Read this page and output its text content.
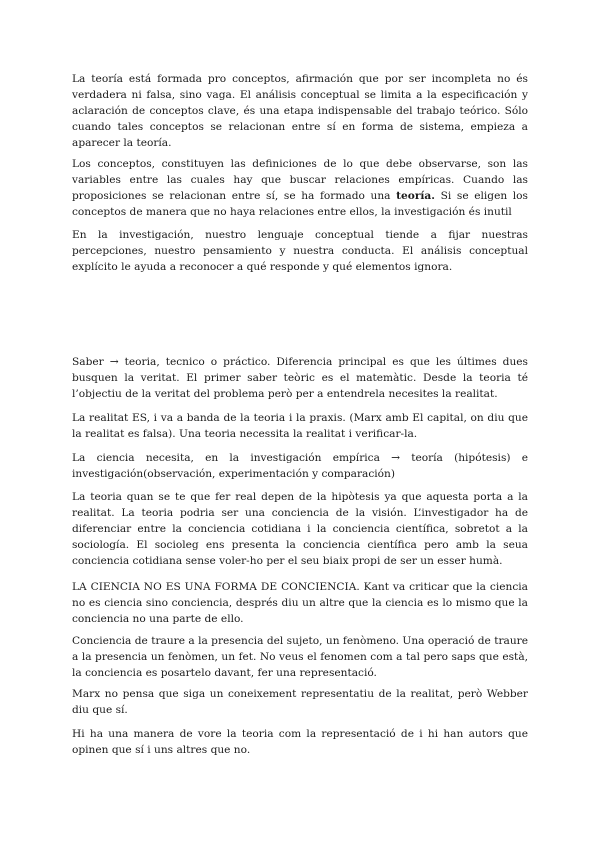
La teoría está formada pro conceptos, afirmación que por ser incompleta no és verdadera ni falsa, sino vaga. El análisis conceptual se limita a la especificación y aclaración de conceptos clave, és una etapa indispensable del trabajo teórico. Sólo cuando tales conceptos se relacionan entre sí en forma de sistema, empieza a aparecer la teoría.

Los conceptos, constituyen las definiciones de lo que debe observarse, son las variables entre las cuales hay que buscar relaciones empíricas. Cuando las proposiciones se relacionan entre sí, se ha formado una teoría. Si se eligen los conceptos de manera que no haya relaciones entre ellos, la investigación és inutil

En la investigación, nuestro lenguaje conceptual tiende a fijar nuestras percepciones, nuestro pensamiento y nuestra conducta. El análisis conceptual explícito le ayuda a reconocer a qué responde y qué elementos ignora.

Saber → teoria, tecnico o práctico. Diferencia principal es que les últimes dues busquen la veritat. El primer saber teòric es el matemàtic. Desde la teoria té l’objectiu de la veritat del problema però per a entendrela necesites la realitat.

La realitat ES, i va a banda de la teoria i la praxis. (Marx amb El capital, on diu que la realitat es falsa). Una teoria necessita la realitat i verificar-la.

La ciencia necesita, en la investigación empírica → teoría (hipótesis) e investigación(observación, experimentación y comparación)

La teoria quan se te que fer real depen de la hipòtesis ya que aquesta porta a la realitat. La teoria podria ser una conciencia de la visión. L’investigador ha de diferenciar entre la conciencia cotidiana i la conciencia científica, sobretot a la sociología. El socioleg ens presenta la conciencia científica pero amb la seua conciencia cotidiana sense voler-ho per el seu biaix propi de ser un esser humà.

LA CIENCIA NO ES UNA FORMA DE CONCIENCIA. Kant va criticar que la ciencia no es ciencia sino conciencia, després diu un altre que la ciencia es lo mismo que la conciencia no una parte de ello.

Conciencia de traure a la presencia del sujeto, un fenòmeno. Una operació de traure a la presencia un fenòmen, un fet. No veus el fenomen com a tal pero saps que està, la conciencia es posartelo davant, fer una representació.

Marx no pensa que siga un coneixement representatiu de la realitat, però Webber diu que sí.

Hi ha una manera de vore la teoria com la representació de i hi han autors que opinen que sí i uns altres que no.
